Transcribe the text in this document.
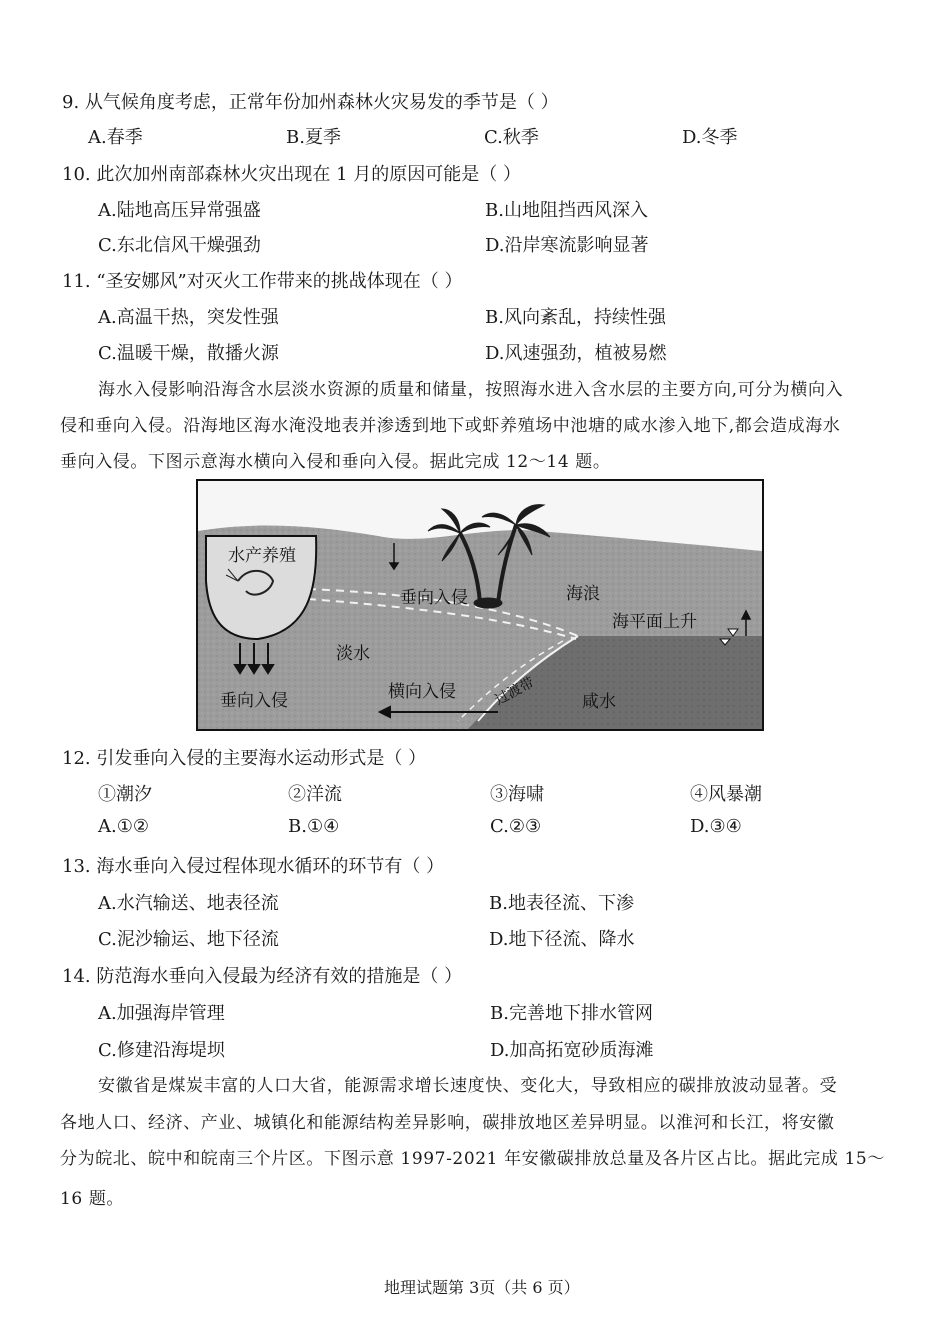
9. 从气候角度考虑，正常年份加州森林火灾易发的季节是（ ）
A.春季	B.夏季	C.秋季	D.冬季
10. 此次加州南部森林火灾出现在 1 月的原因可能是（ ）
A.陆地高压异常强盛	B.山地阻挡西风深入
C.东北信风干燥强劲	D.沿岸寒流影响显著
11. “圣安娜风”对灭火工作带来的挑战体现在（ ）
A.高温干热，突发性强	B.风向紊乱，持续性强
C.温暖干燥，散播火源	D.风速强劲，植被易燃
海水入侵影响沿海含水层淡水资源的质量和储量，按照海水进入含水层的主要方向,可分为横向入
侵和垂向入侵。沿海地区海水淹没地表并渗透到地下或虾养殖场中池塘的咸水渗入地下,都会造成海水
垂向入侵。下图示意海水横向入侵和垂向入侵。据此完成 12～14 题。
水产养殖
垂向入侵	海浪
海平面上升
淡水
垂向入侵	横向入侵	过渡带	咸水
12. 引发垂向入侵的主要海水运动形式是（ ）
①潮汐	②洋流	③海啸	④风暴潮
A.①②	B.①④	C.②③	D.③④
13. 海水垂向入侵过程体现水循环的环节有（ ）
A.水汽输送、地表径流	B.地表径流、下渗
C.泥沙输运、地下径流	D.地下径流、降水
14. 防范海水垂向入侵最为经济有效的措施是（ ）
A.加强海岸管理	B.完善地下排水管网
C.修建沿海堤坝	D.加高拓宽砂质海滩
安徽省是煤炭丰富的人口大省，能源需求增长速度快、变化大，导致相应的碳排放波动显著。受
各地人口、经济、产业、城镇化和能源结构差异影响，碳排放地区差异明显。以淮河和长江，将安徽
分为皖北、皖中和皖南三个片区。下图示意 1997-2021 年安徽碳排放总量及各片区占比。据此完成 15～
16 题。
地理试题第 3页（共 6 页）
